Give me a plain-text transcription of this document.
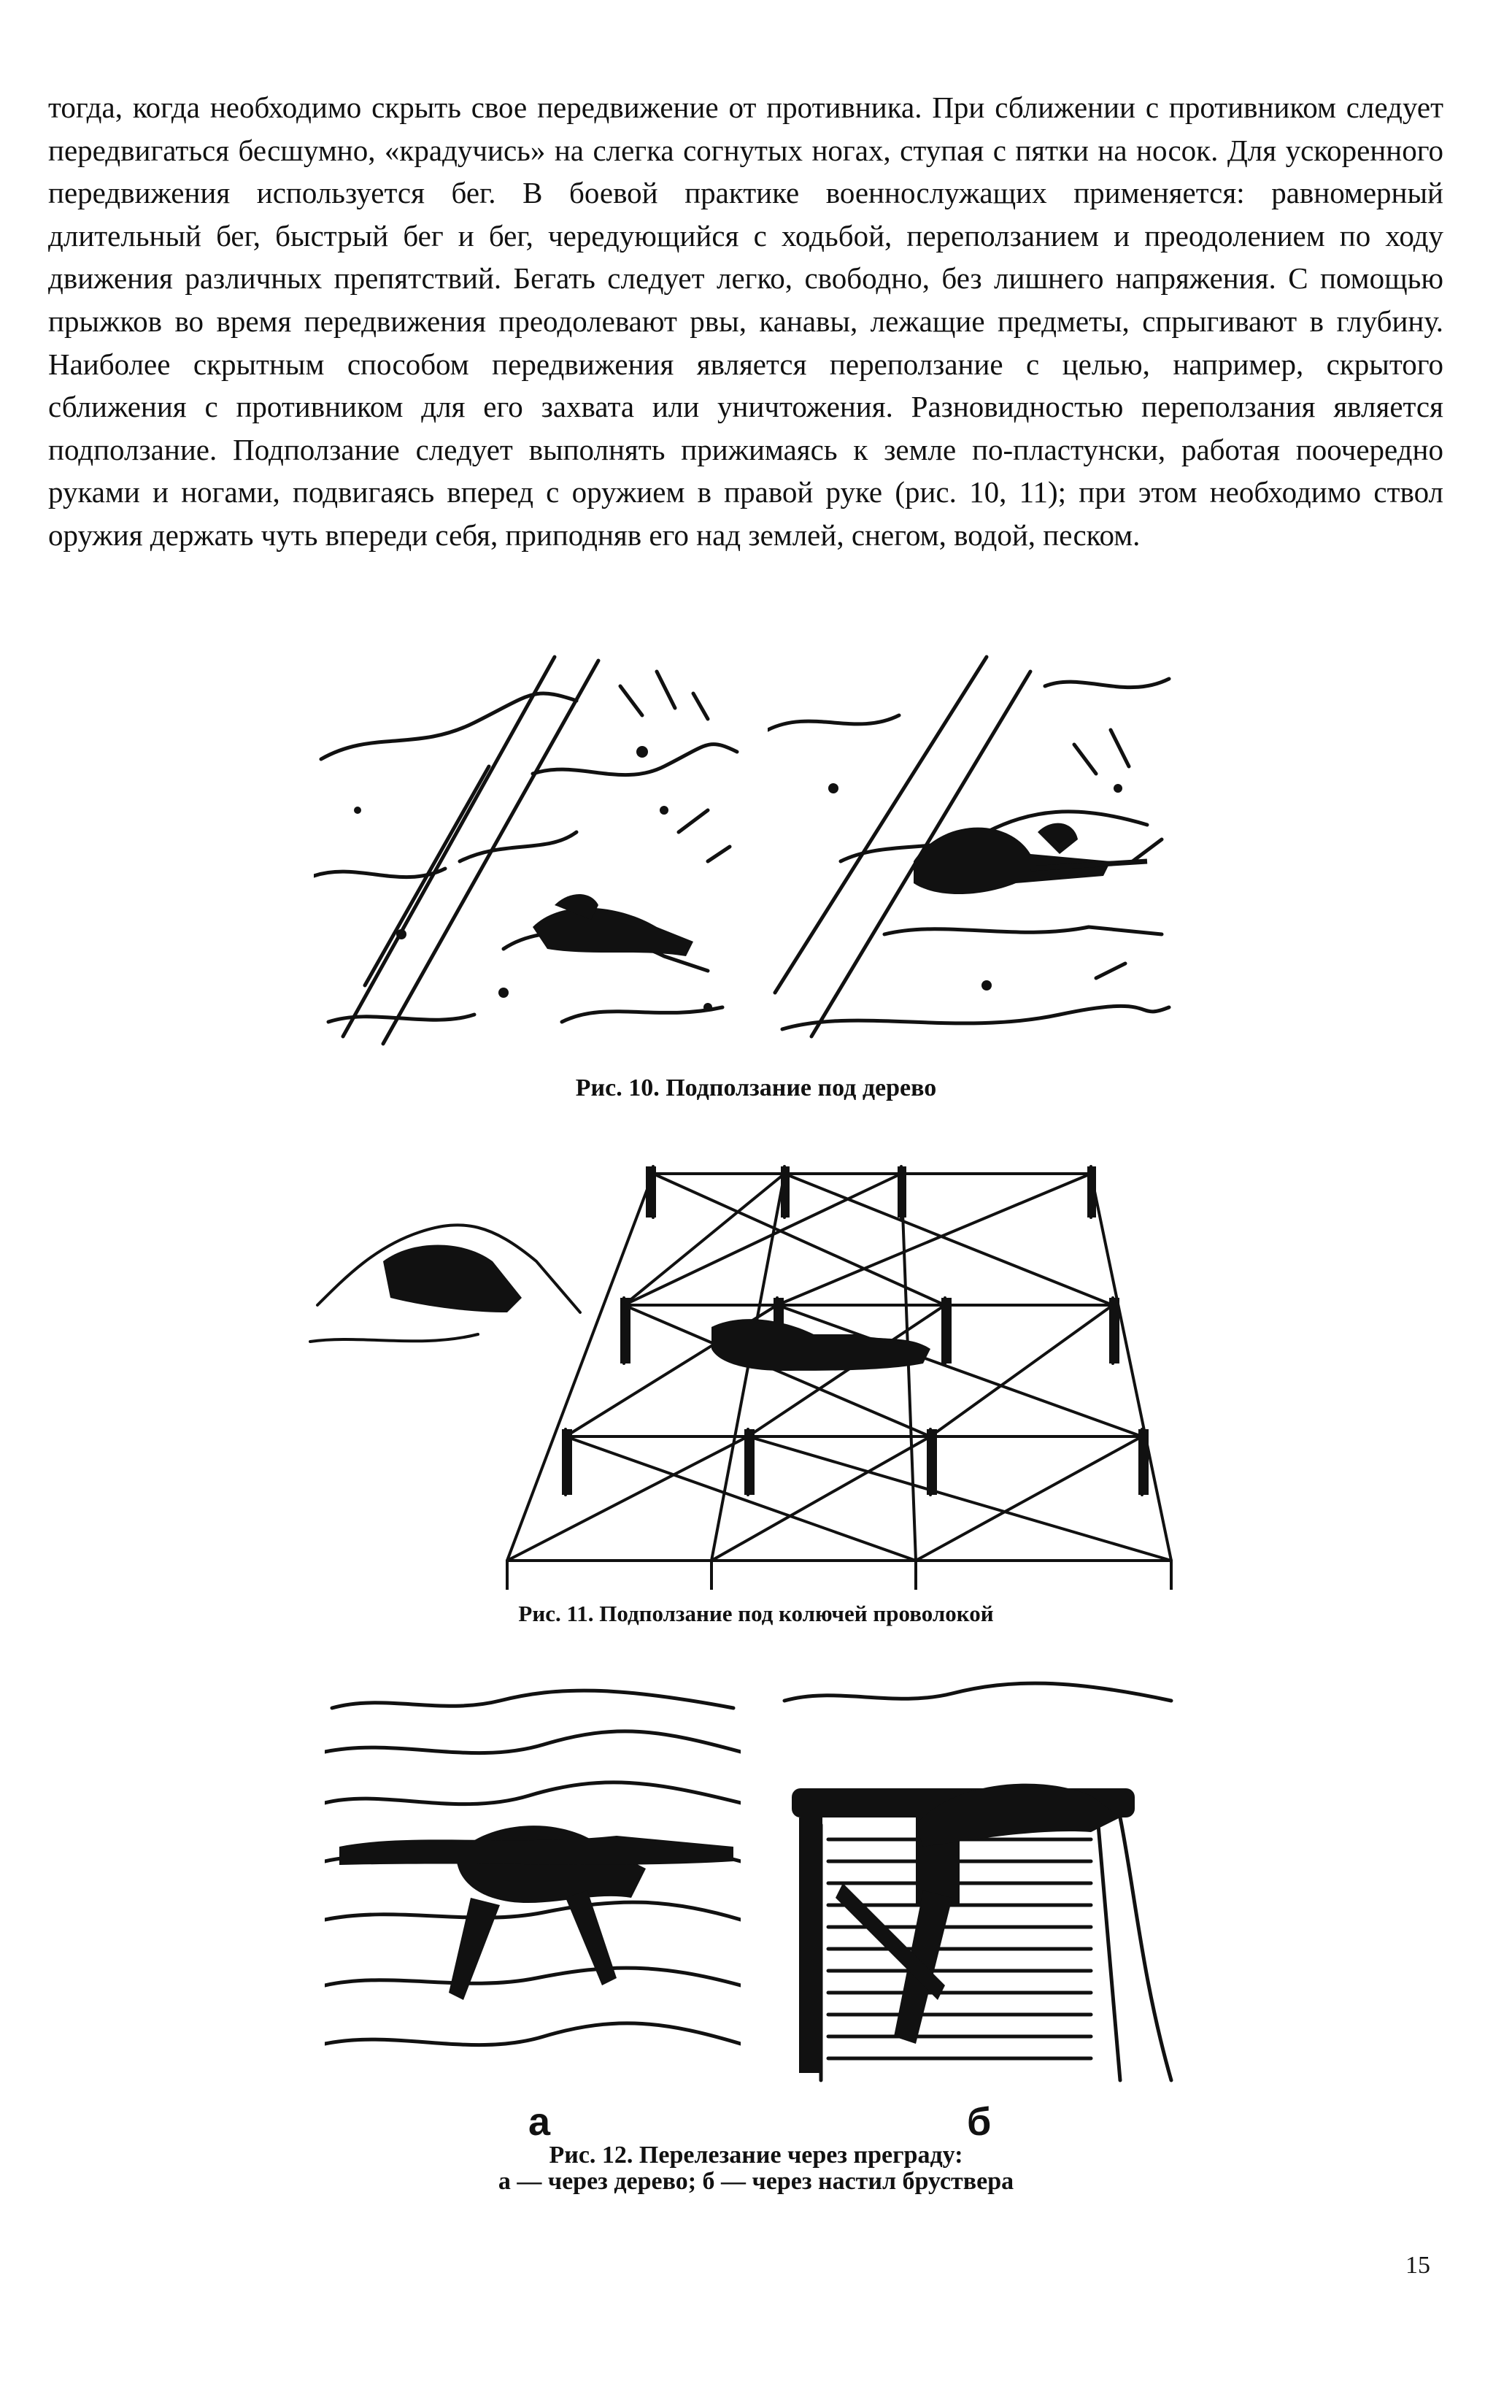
тогда, когда необходимо скрыть свое передвижение от противника. При сближении с противником следует передвигаться бесшумно, «крадучись» на слегка согнутых ногах, ступая с пятки на носок. Для ускоренного передвижения используется бег. В боевой практике военнослужащих применяется: равномерный длительный бег, быстрый бег и бег, чередующийся с ходьбой, переползанием и преодолением по ходу движения различных препятствий. Бегать следует легко, свободно, без лишнего напряжения. С помощью прыжков во время передвижения преодолевают рвы, канавы, лежащие предметы, спрыгивают в глубину. Наиболее скрытным способом передвижения является переползание с целью, например, скрытого сближения с противником для его захвата или уничтожения. Разновидностью переползания является подползание. Подползание следует выполнять прижимаясь к земле по-пластунски, работая поочередно руками и ногами, подвигаясь вперед с оружием в правой руке (рис. 10, 11); при этом необходимо ствол оружия держать чуть впереди себя, приподняв его над землей, снегом, водой, песком.

Рис. 10. Подползание под дерево

Рис. 11. Подползание под колючей проволокой

а	б

Рис. 12. Перелезание через преграду:

а — через дерево; б — через настил бруствера

15
